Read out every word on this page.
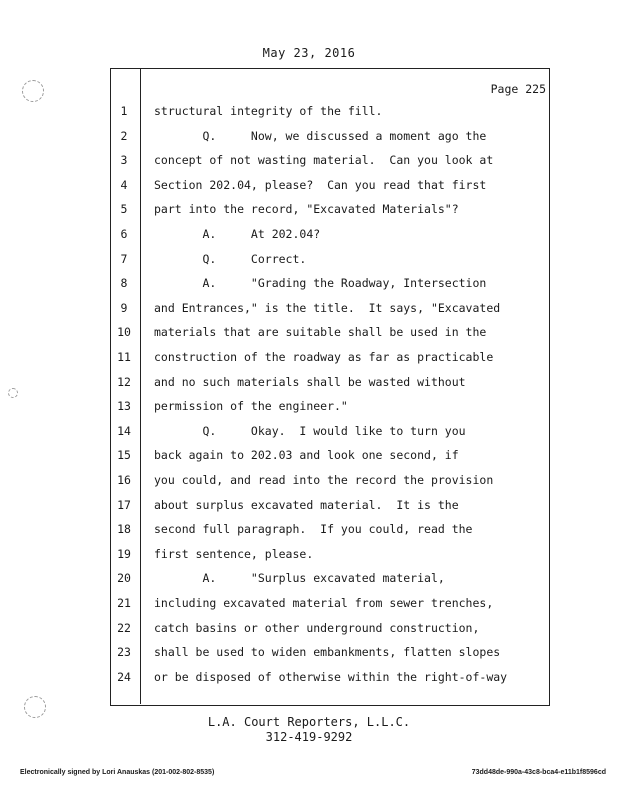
May 23, 2016
Page 225
1	structural integrity of the fill.
2	Q.     Now, we discussed a moment ago the
3	concept of not wasting material.  Can you look at
4	Section 202.04, please?  Can you read that first
5	part into the record, "Excavated Materials"?
6	A.     At 202.04?
7	Q.     Correct.
8	A.     "Grading the Roadway, Intersection
9	and Entrances," is the title.  It says, "Excavated
10	materials that are suitable shall be used in the
11	construction of the roadway as far as practicable
12	and no such materials shall be wasted without
13	permission of the engineer."
14	Q.     Okay.  I would like to turn you
15	back again to 202.03 and look one second, if
16	you could, and read into the record the provision
17	about surplus excavated material.  It is the
18	second full paragraph.  If you could, read the
19	first sentence, please.
20	A.     "Surplus excavated material,
21	including excavated material from sewer trenches,
22	catch basins or other underground construction,
23	shall be used to widen embankments, flatten slopes
24	or be disposed of otherwise within the right-of-way
L.A. Court Reporters, L.L.C.
312-419-9292
Electronically signed by Lori Anauskas (201-002-802-8535)	73dd48de-990a-43c8-bca4-e11b1f8596cd
